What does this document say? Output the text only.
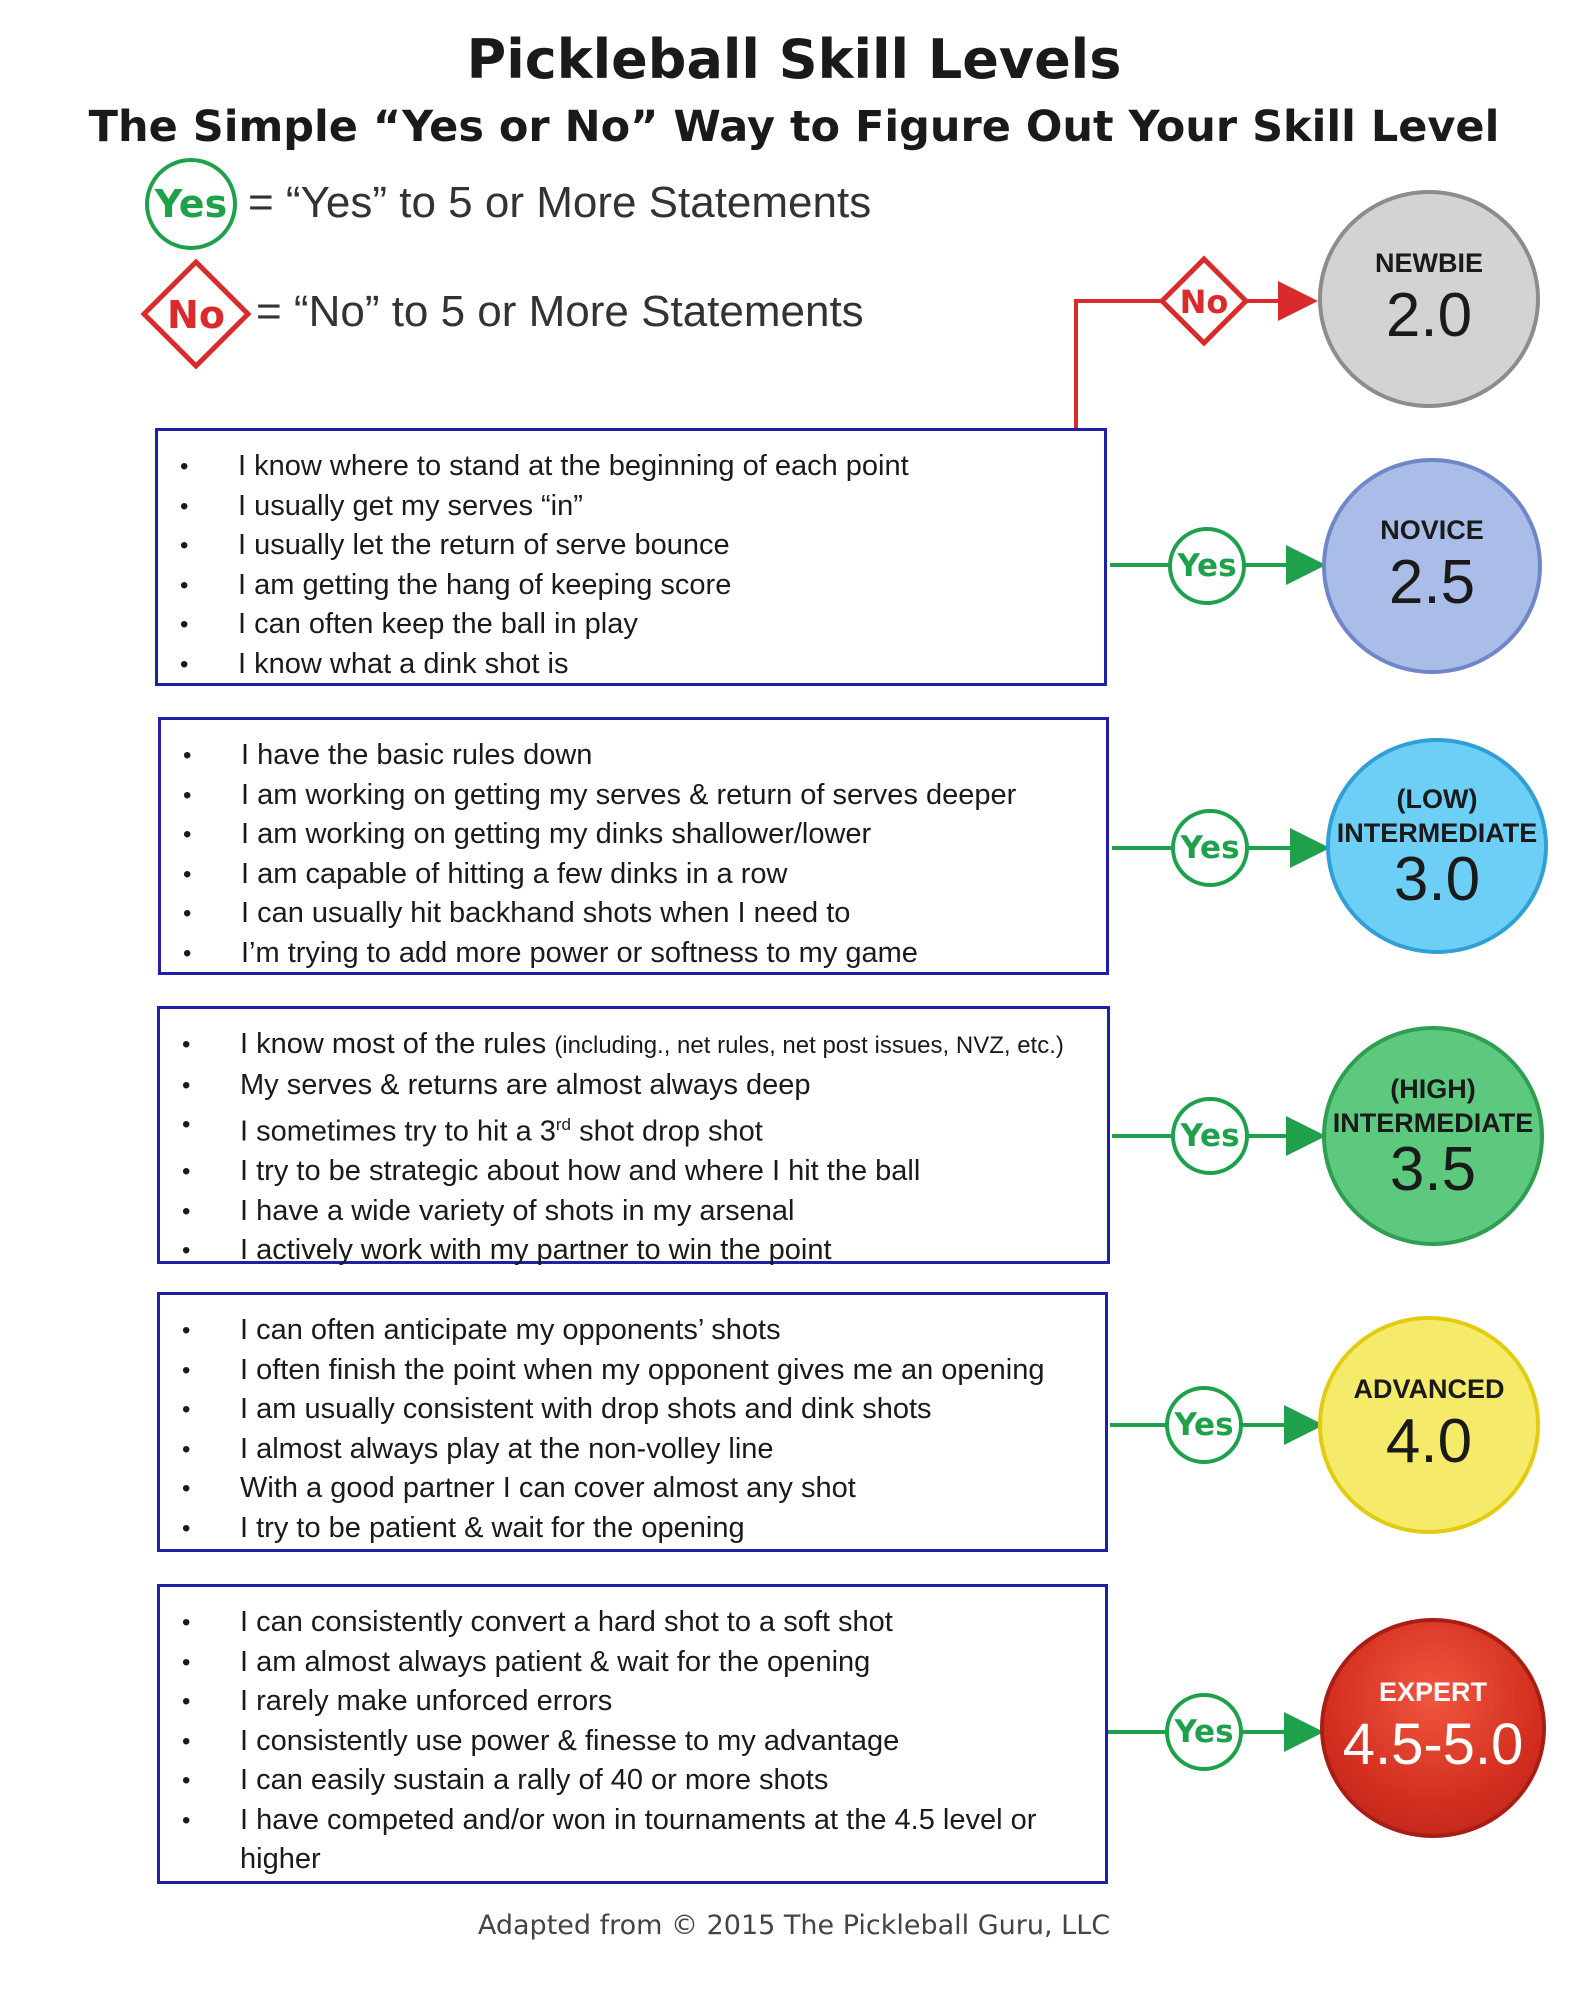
Pickleball Skill Levels
The Simple “Yes or No” Way to Figure Out Your Skill Level
Yes = “Yes” to 5 or More Statements
No = “No” to 5 or More Statements	No
Yes
Yes
Yes
Yes
Yes
• I know where to stand at the beginning of each point
• I usually get my serves “in”
• I usually let the return of serve bounce
• I am getting the hang of keeping score
• I can often keep the ball in play
• I know what a dink shot is
• I have the basic rules down
• I am working on getting my serves & return of serves deeper
• I am working on getting my dinks shallower/lower
• I am capable of hitting a few dinks in a row
• I can usually hit backhand shots when I need to
• I’m trying to add more power or softness to my game
• I know most of the rules (including., net rules, net post issues, NVZ, etc.)
• My serves & returns are almost always deep
• I sometimes try to hit a 3rd shot drop shot
• I try to be strategic about how and where I hit the ball
• I have a wide variety of shots in my arsenal
• I actively work with my partner to win the point
• I can often anticipate my opponents’ shots
• I often finish the point when my opponent gives me an opening
• I am usually consistent with drop shots and dink shots
• I almost always play at the non-volley line
• With a good partner I can cover almost any shot
• I try to be patient & wait for the opening
• I can consistently convert a hard shot to a soft shot
• I am almost always patient & wait for the opening
• I rarely make unforced errors
• I consistently use power & finesse to my advantage
• I can easily sustain a rally of 40 or more shots
• I have competed and/or won in tournaments at the 4.5 level or higher
NEWBIE
2.0
NOVICE
2.5
(LOW)
INTERMEDIATE
3.0
(HIGH)
INTERMEDIATE
3.5
ADVANCED
4.0
EXPERT
4.5-5.0
Adapted from © 2015 The Pickleball Guru, LLC
